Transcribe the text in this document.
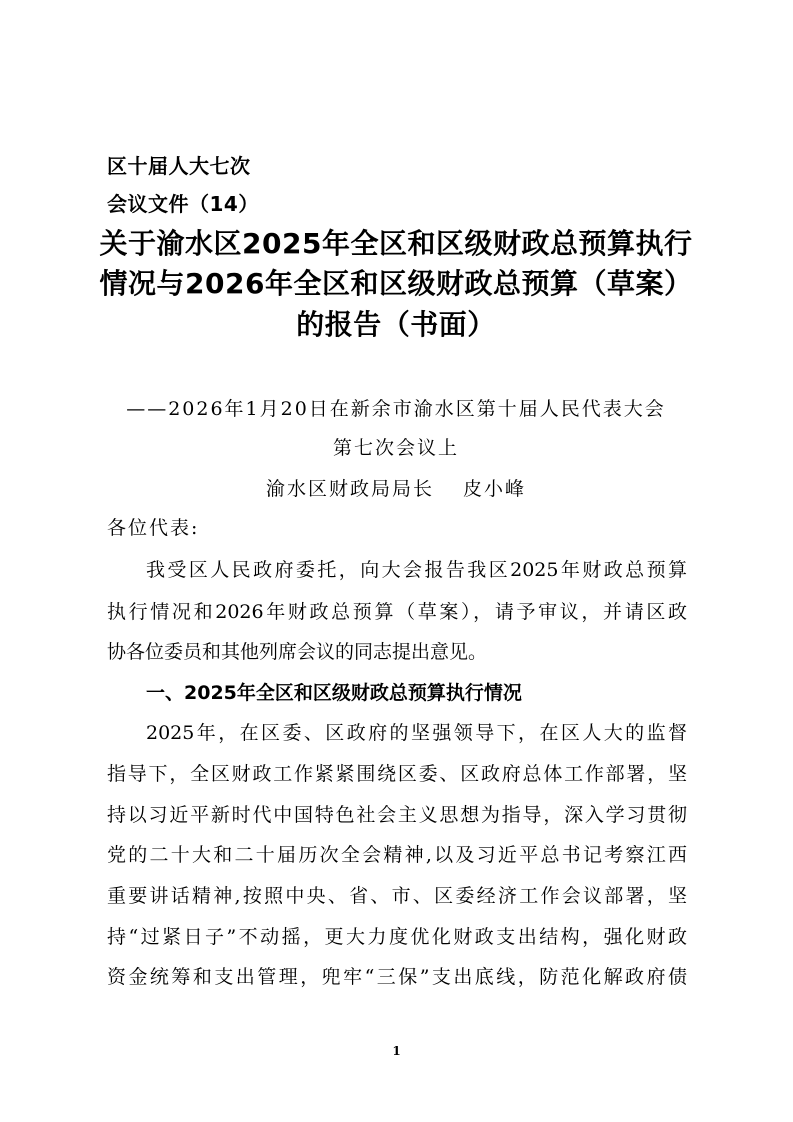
区十届人大七次
会议文件（14）
关于渝水区2025年全区和区级财政总预算执行
情况与2026年全区和区级财政总预算（草案）
的报告（书面）
——2026年1月20日在新余市渝水区第十届人民代表大会
第七次会议上
渝水区财政局局长　 皮小峰
各位代表:
我受区人民政府委托，向大会报告我区2025年财政总预算
执行情况和2026年财政总预算（草案），请予审议，并请区政
协各位委员和其他列席会议的同志提出意见。
一、2025年全区和区级财政总预算执行情况
2025年，在区委、区政府的坚强领导下，在区人大的监督
指导下，全区财政工作紧紧围绕区委、区政府总体工作部署，坚
持以习近平新时代中国特色社会主义思想为指导，深入学习贯彻
党的二十大和二十届历次全会精神,以及习近平总书记考察江西
重要讲话精神,按照中央、省、市、区委经济工作会议部署，坚
持“过紧日子”不动摇，更大力度优化财政支出结构，强化财政
资金统筹和支出管理，兜牢“三保”支出底线，防范化解政府债
1
